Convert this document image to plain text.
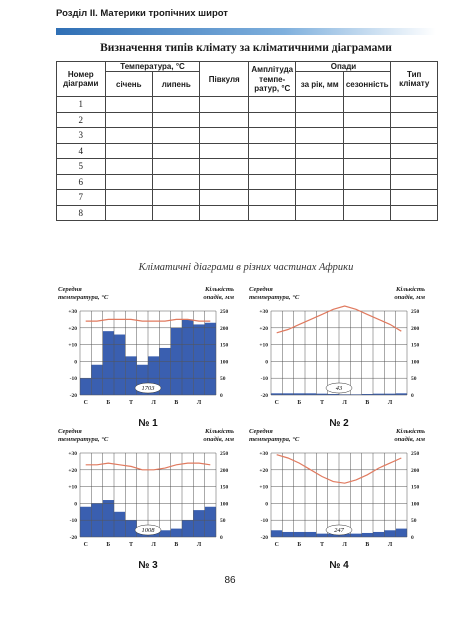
Розділ II. Материки тропічних широт
Визначення типів клімату за кліматичними діаграмами
Номер діаграми	Температура, °С		Півкуля	Амплітуда температур, °С	Опади		Тип клімату
	січень	липень			за рік, мм	сезонність	
1							
2							
3							
4							
5							
6							
7							
8							
Кліматичні діаграми в різних частинах Африки
Середня температура, °С
Кількість опадів, мм
+30
+20
+10
0
-10
-20
250
200
150
100
50
0
С	Б	Т	Л	В	Л
1703
№ 1
Середня температура, °С
Кількість опадів, мм
+30
+20
+10
0
-10
-20
250
200
150
100
50
0
С	Б	Т	Л	В	Л
43
№ 2
Середня температура, °С
Кількість опадів, мм
+30
+20
+10
0
-10
-20
250
200
150
100
50
0
С	Б	Т	Л	В	Л
1008
№ 3
Середня температура, °С
Кількість опадів, мм
+30
+20
+10
0
-10
-20
250
200
150
100
50
0
С	Б	Т	Л	В	Л
247
№ 4
86
